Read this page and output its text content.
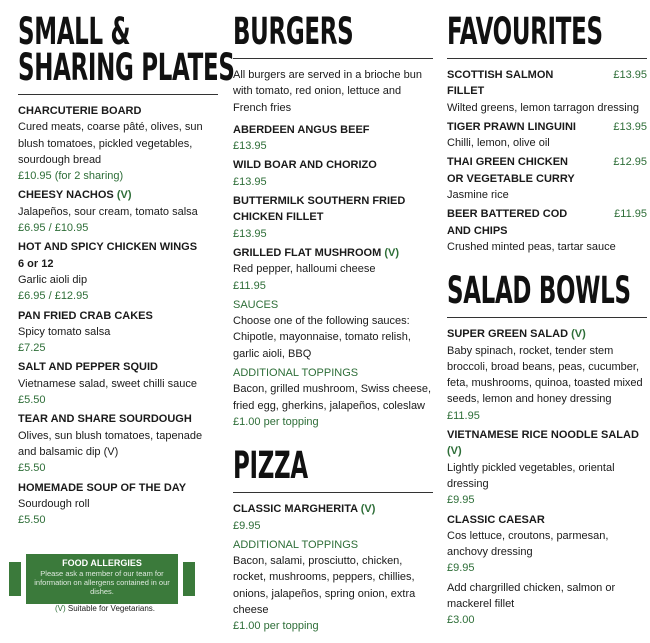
SMALL &
SHARING PLATES
CHARCUTERIE BOARD
Cured meats, coarse pâté, olives, sun blush tomatoes, pickled vegetables, sourdough bread
£10.95 (for 2 sharing)
CHEESY NACHOS (V)
Jalapeños, sour cream, tomato salsa
£6.95 / £10.95
HOT AND SPICY CHICKEN WINGS
6 or 12
Garlic aioli dip
£6.95 / £12.95
PAN FRIED CRAB CAKES
Spicy tomato salsa
£7.25
SALT AND PEPPER SQUID
Vietnamese salad, sweet chilli sauce
£5.50
TEAR AND SHARE SOURDOUGH
Olives, sun blush tomatoes, tapenade and balsamic dip (V)
£5.50
HOMEMADE SOUP OF THE DAY
Sourdough roll
£5.50
BURGERS
All burgers are served in a brioche bun with tomato, red onion, lettuce and French fries
ABERDEEN ANGUS BEEF
£13.95
WILD BOAR AND CHORIZO
£13.95
BUTTERMILK SOUTHERN FRIED CHICKEN FILLET
£13.95
GRILLED FLAT MUSHROOM (V)
Red pepper, halloumi cheese
£11.95
SAUCES
Choose one of the following sauces: Chipotle, mayonnaise, tomato relish, garlic aioli, BBQ
ADDITIONAL TOPPINGS
Bacon, grilled mushroom, Swiss cheese, fried egg, gherkins, jalapeños, coleslaw
£1.00 per topping
PIZZA
CLASSIC MARGHERITA (V)
£9.95
ADDITIONAL TOPPINGS
Bacon, salami, prosciutto, chicken, rocket, mushrooms, peppers, chillies, onions, jalapeños, spring onion, extra cheese
£1.00 per topping
FAVOURITES
SCOTTISH SALMON FILLET
£13.95
Wilted greens, lemon tarragon dressing
TIGER PRAWN LINGUINI	£13.95
Chilli, lemon, olive oil
THAI GREEN CHICKEN OR VEGETABLE CURRY
£12.95
Jasmine rice
BEER BATTERED COD AND CHIPS
£11.95
Crushed minted peas, tartar sauce
SALAD BOWLS
SUPER GREEN SALAD (V)
Baby spinach, rocket, tender stem broccoli, broad beans, peas, cucumber, feta, mushrooms, quinoa, toasted mixed seeds, lemon and honey dressing
£11.95
VIETNAMESE RICE NOODLE SALAD (V)
Lightly pickled vegetables, oriental dressing
£9.95
CLASSIC CAESAR
Cos lettuce, croutons, parmesan, anchovy dressing
£9.95
Add chargrilled chicken, salmon or mackerel fillet
£3.00
FOOD ALLERGIES
Please ask a member of our team for information on allergens contained in our dishes.
(V) Suitable for Vegetarians.
